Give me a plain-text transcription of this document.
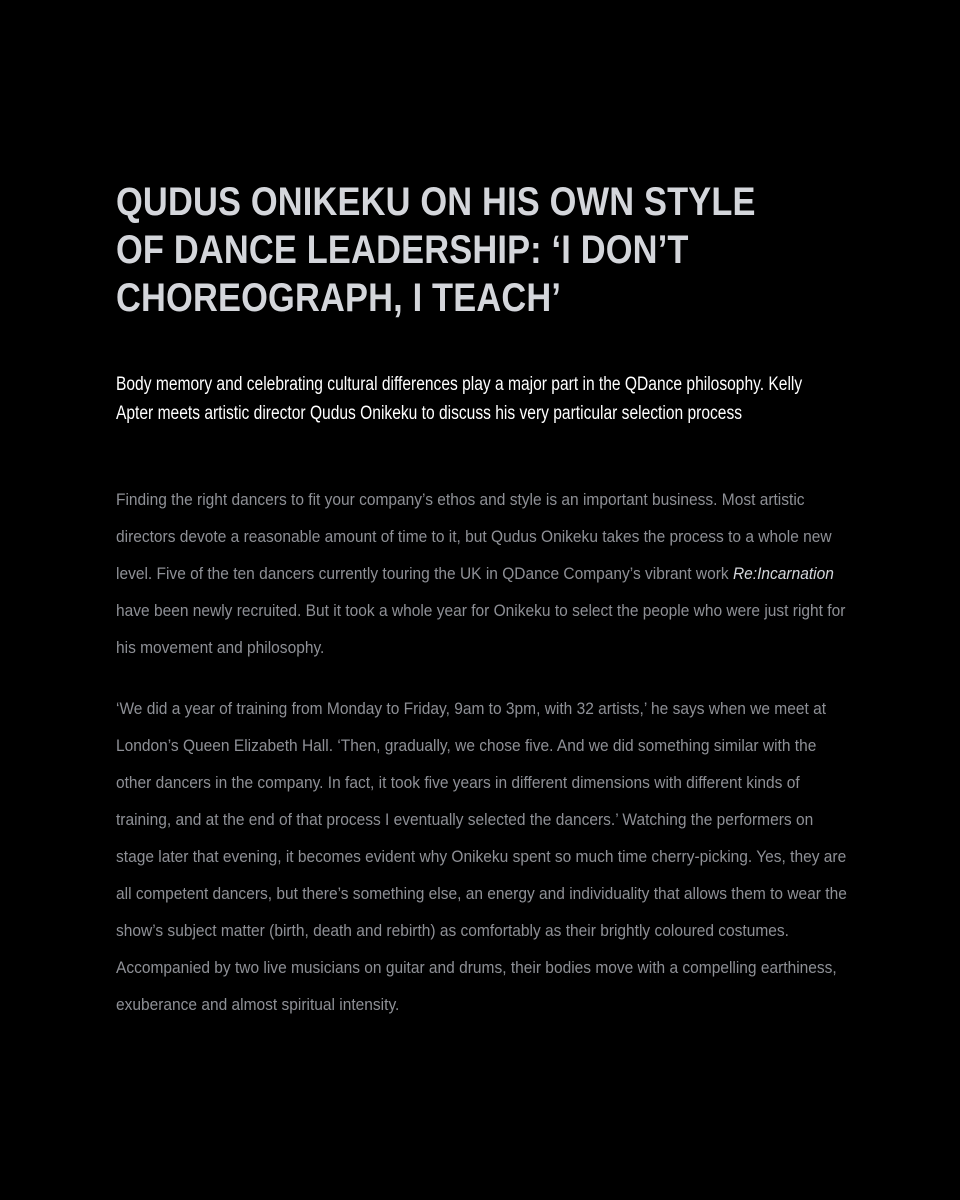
QUDUS ONIKEKU ON HIS OWN STYLE OF DANCE LEADERSHIP: ‘I DON’T CHOREOGRAPH, I TEACH’

Body memory and celebrating cultural differences play a major part in the QDance philosophy. Kelly Apter meets artistic director Qudus Onikeku to discuss his very particular selection process

Finding the right dancers to fit your company’s ethos and style is an important business. Most artistic directors devote a reasonable amount of time to it, but Qudus Onikeku takes the process to a whole new level. Five of the ten dancers currently touring the UK in QDance Company’s vibrant work Re:Incarnation have been newly recruited. But it took a whole year for Onikeku to select the people who were just right for his movement and philosophy.

‘We did a year of training from Monday to Friday, 9am to 3pm, with 32 artists,’ he says when we meet at London’s Queen Elizabeth Hall. ‘Then, gradually, we chose five. And we did something similar with the other dancers in the company. In fact, it took five years in different dimensions with different kinds of training, and at the end of that process I eventually selected the dancers.’ Watching the performers on stage later that evening, it becomes evident why Onikeku spent so much time cherry-picking. Yes, they are all competent dancers, but there’s something else, an energy and individuality that allows them to wear the show’s subject matter (birth, death and rebirth) as comfortably as their brightly coloured costumes. Accompanied by two live musicians on guitar and drums, their bodies move with a compelling earthiness, exuberance and almost spiritual intensity.
